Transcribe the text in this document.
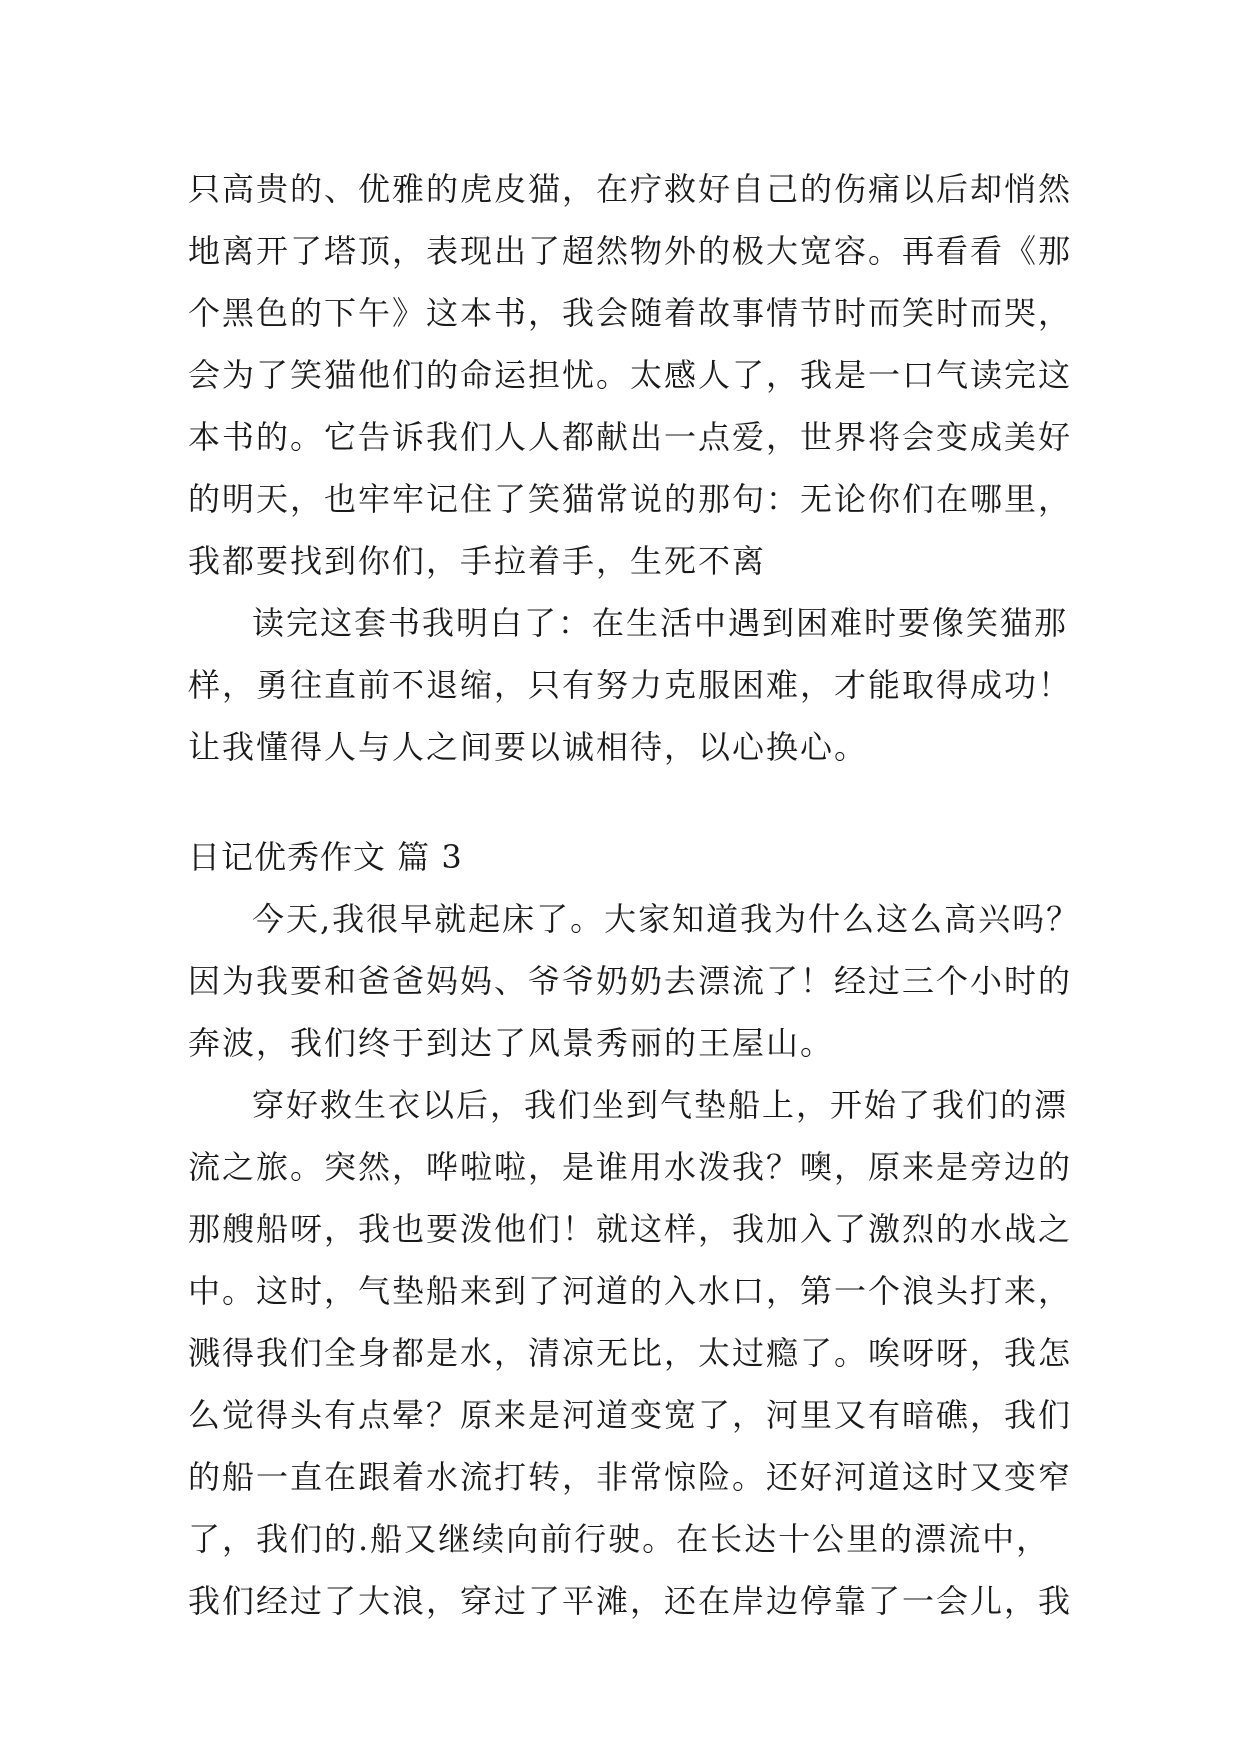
只高贵的、优雅的虎皮猫，在疗救好自己的伤痛以后却悄然
地离开了塔顶，表现出了超然物外的极大宽容。再看看《那
个黑色的下午》这本书，我会随着故事情节时而笑时而哭，
会为了笑猫他们的命运担忧。太感人了，我是一口气读完这
本书的。它告诉我们人人都献出一点爱，世界将会变成美好
的明天，也牢牢记住了笑猫常说的那句：无论你们在哪里，
我都要找到你们，手拉着手，生死不离
读完这套书我明白了：在生活中遇到困难时要像笑猫那
样，勇往直前不退缩，只有努力克服困难，才能取得成功！
让我懂得人与人之间要以诚相待，以心换心。
日记优秀作文 篇 3
今天,我很早就起床了。大家知道我为什么这么高兴吗？
因为我要和爸爸妈妈、爷爷奶奶去漂流了！经过三个小时的
奔波，我们终于到达了风景秀丽的王屋山。
穿好救生衣以后，我们坐到气垫船上，开始了我们的漂
流之旅。突然，哗啦啦，是谁用水泼我？噢，原来是旁边的
那艘船呀，我也要泼他们！就这样，我加入了激烈的水战之
中。这时，气垫船来到了河道的入水口，第一个浪头打来，
溅得我们全身都是水，清凉无比，太过瘾了。唉呀呀，我怎
么觉得头有点晕？原来是河道变宽了，河里又有暗礁，我们
的船一直在跟着水流打转，非常惊险。还好河道这时又变窄
了，我们的.船又继续向前行驶。在长达十公里的漂流中，
我们经过了大浪，穿过了平滩，还在岸边停靠了一会儿，我
